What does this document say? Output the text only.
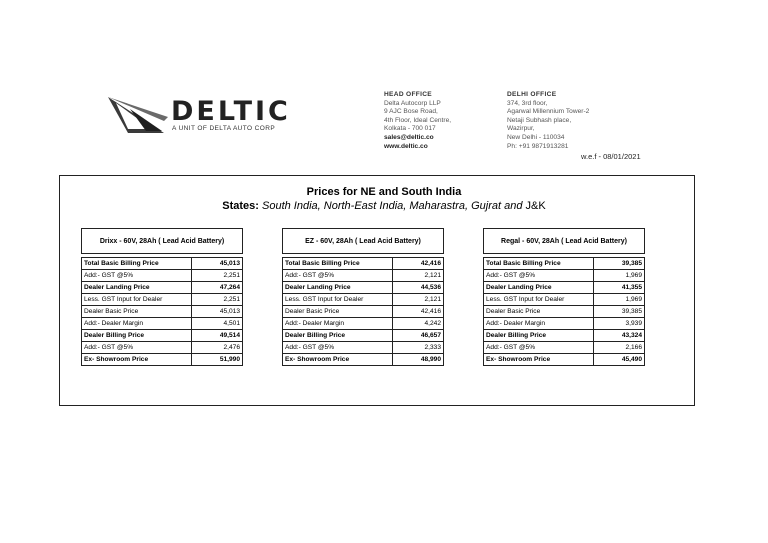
DELTIC
A UNIT OF DELTA AUTO CORP
HEAD OFFICE
Delta Autocorp LLP
9 AJC Bose Road,
4th Floor, Ideal Centre,
Kolkata - 700 017
sales@deltic.co
www.deltic.co
DELHI OFFICE
374, 3rd floor,
Agarwal Millennium Tower-2
Netaji Subhash place,
Wazirpur,
New Delhi - 110034
Ph: +91 9871913281
w.e.f - 08/01/2021
Prices for NE and South India
States: South India, North-East India, Maharastra, Gujrat and J&K
Drixx - 60V, 28Ah ( Lead Acid Battery)	

Total Basic Billing Price	45,013
Add:- GST @5%	2,251
Dealer Landing Price	47,264
Less. GST Input for Dealer	2,251
Dealer Basic Price	45,013
Add:- Dealer Margin	4,501
Dealer Billing Price	49,514
Add:- GST @5%	2,476
Ex- Showroom Price	51,990
EZ - 60V, 28Ah ( Lead Acid Battery)	

Total Basic Billing Price	42,416
Add:- GST @5%	2,121
Dealer Landing Price	44,536
Less. GST Input for Dealer	2,121
Dealer Basic Price	42,416
Add:- Dealer Margin	4,242
Dealer Billing Price	46,657
Add:- GST @5%	2,333
Ex- Showroom Price	48,990
Regal - 60V, 28Ah ( Lead Acid Battery)	

Total Basic Billing Price	39,385
Add:- GST @5%	1,969
Dealer Landing Price	41,355
Less. GST Input for Dealer	1,969
Dealer Basic Price	39,385
Add:- Dealer Margin	3,939
Dealer Billing Price	43,324
Add:- GST @5%	2,166
Ex- Showroom Price	45,490
